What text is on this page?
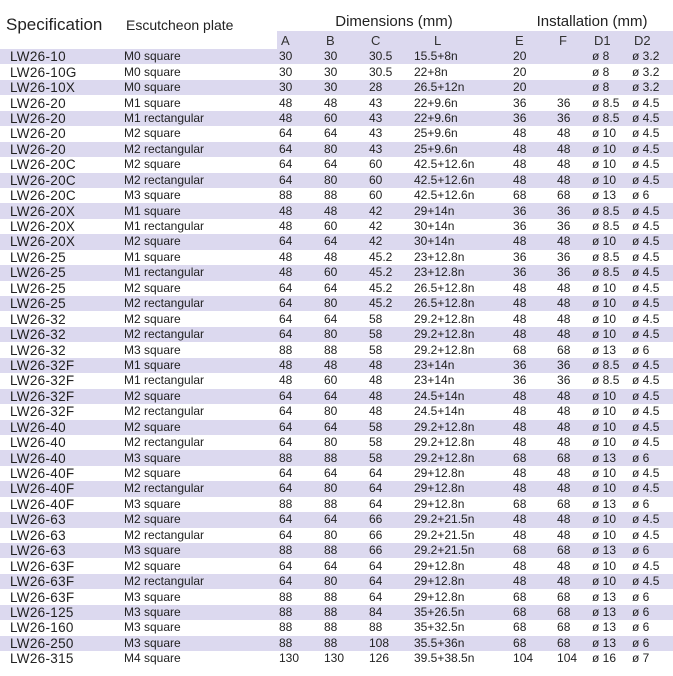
Specification	Escutcheon plate	Dimensions (mm)				Installation (mm)			
		A	B	C	L	E	F	D1	D2
LW26-10	M0 square	30	30	30.5	15.5+8n	20		ø 8	ø 3.2
LW26-10G	M0 square	30	30	30.5	22+8n	20		ø 8	ø 3.2
LW26-10X	M0 square	30	30	28	26.5+12n	20		ø 8	ø 3.2
LW26-20	M1 square	48	48	43	22+9.6n	36	36	ø 8.5	ø 4.5
LW26-20	M1 rectangular	48	60	43	22+9.6n	36	36	ø 8.5	ø 4.5
LW26-20	M2 square	64	64	43	25+9.6n	48	48	ø 10	ø 4.5
LW26-20	M2 rectangular	64	80	43	25+9.6n	48	48	ø 10	ø 4.5
LW26-20C	M2 square	64	64	60	42.5+12.6n	48	48	ø 10	ø 4.5
LW26-20C	M2 rectangular	64	80	60	42.5+12.6n	48	48	ø 10	ø 4.5
LW26-20C	M3 square	88	88	60	42.5+12.6n	68	68	ø 13	ø 6
LW26-20X	M1 square	48	48	42	29+14n	36	36	ø 8.5	ø 4.5
LW26-20X	M1 rectangular	48	60	42	30+14n	36	36	ø 8.5	ø 4.5
LW26-20X	M2 square	64	64	42	30+14n	48	48	ø 10	ø 4.5
LW26-25	M1 square	48	48	45.2	23+12.8n	36	36	ø 8.5	ø 4.5
LW26-25	M1 rectangular	48	60	45.2	23+12.8n	36	36	ø 8.5	ø 4.5
LW26-25	M2 square	64	64	45.2	26.5+12.8n	48	48	ø 10	ø 4.5
LW26-25	M2 rectangular	64	80	45.2	26.5+12.8n	48	48	ø 10	ø 4.5
LW26-32	M2 square	64	64	58	29.2+12.8n	48	48	ø 10	ø 4.5
LW26-32	M2 rectangular	64	80	58	29.2+12.8n	48	48	ø 10	ø 4.5
LW26-32	M3 square	88	88	58	29.2+12.8n	68	68	ø 13	ø 6
LW26-32F	M1 square	48	48	48	23+14n	36	36	ø 8.5	ø 4.5
LW26-32F	M1 rectangular	48	60	48	23+14n	36	36	ø 8.5	ø 4.5
LW26-32F	M2 square	64	64	48	24.5+14n	48	48	ø 10	ø 4.5
LW26-32F	M2 rectangular	64	80	48	24.5+14n	48	48	ø 10	ø 4.5
LW26-40	M2 square	64	64	58	29.2+12.8n	48	48	ø 10	ø 4.5
LW26-40	M2 rectangular	64	80	58	29.2+12.8n	48	48	ø 10	ø 4.5
LW26-40	M3 square	88	88	58	29.2+12.8n	68	68	ø 13	ø 6
LW26-40F	M2 square	64	64	64	29+12.8n	48	48	ø 10	ø 4.5
LW26-40F	M2 rectangular	64	80	64	29+12.8n	48	48	ø 10	ø 4.5
LW26-40F	M3 square	88	88	64	29+12.8n	68	68	ø 13	ø 6
LW26-63	M2 square	64	64	66	29.2+21.5n	48	48	ø 10	ø 4.5
LW26-63	M2 rectangular	64	80	66	29.2+21.5n	48	48	ø 10	ø 4.5
LW26-63	M3 square	88	88	66	29.2+21.5n	68	68	ø 13	ø 6
LW26-63F	M2 square	64	64	64	29+12.8n	48	48	ø 10	ø 4.5
LW26-63F	M2 rectangular	64	80	64	29+12.8n	48	48	ø 10	ø 4.5
LW26-63F	M3 square	88	88	64	29+12.8n	68	68	ø 13	ø 6
LW26-125	M3 square	88	88	84	35+26.5n	68	68	ø 13	ø 6
LW26-160	M3 square	88	88	88	35+32.5n	68	68	ø 13	ø 6
LW26-250	M3 square	88	88	108	35.5+36n	68	68	ø 13	ø 6
LW26-315	M4 square	130	130	126	39.5+38.5n	104	104	ø 16	ø 7
